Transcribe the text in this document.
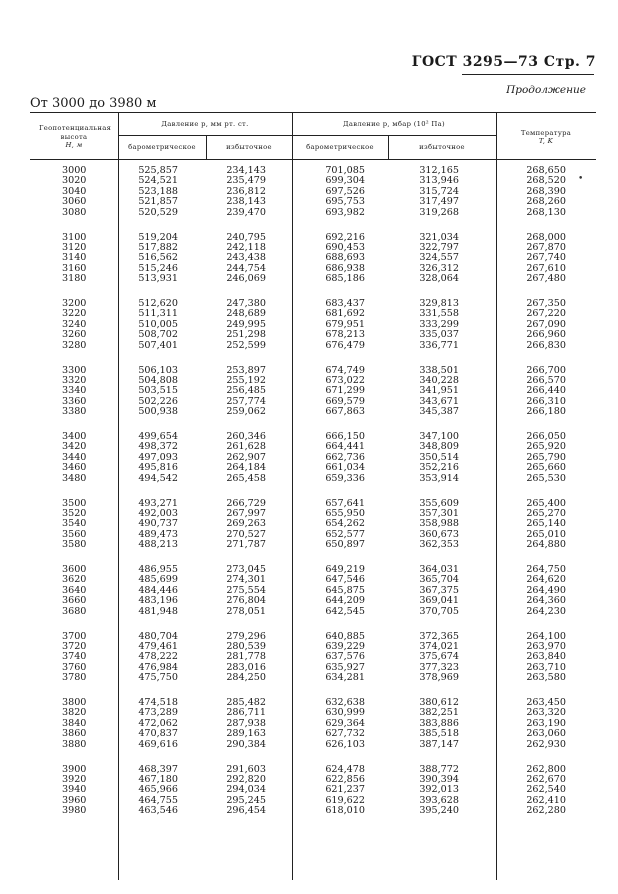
ГОСТ 3295—73 Стр. 7
Продолжение
От 3000 до 3980 м
Геопотенциальная высота
H, м
Давление p, мм рт. ст.	Давление p, мбар (10² Па)
барометрическое	избыточное	барометрическое	избыточное
Температура
T, K
3000	525,857	234,143	701,085	312,165	268,650
3020	524,521	235,479	699,304	313,946	268,520
3040	523,188	236,812	697,526	315,724	268,390
3060	521,857	238,143	695,753	317,497	268,260
3080	520,529	239,470	693,982	319,268	268,130
3100	519,204	240,795	692,216	321,034	268,000
3120	517,882	242,118	690,453	322,797	267,870
3140	516,562	243,438	688,693	324,557	267,740
3160	515,246	244,754	686,938	326,312	267,610
3180	513,931	246,069	685,186	328,064	267,480
3200	512,620	247,380	683,437	329,813	267,350
3220	511,311	248,689	681,692	331,558	267,220
3240	510,005	249,995	679,951	333,299	267,090
3260	508,702	251,298	678,213	335,037	266,960
3280	507,401	252,599	676,479	336,771	266,830
3300	506,103	253,897	674,749	338,501	266,700
3320	504,808	255,192	673,022	340,228	266,570
3340	503,515	256,485	671,299	341,951	266,440
3360	502,226	257,774	669,579	343,671	266,310
3380	500,938	259,062	667,863	345,387	266,180
3400	499,654	260,346	666,150	347,100	266,050
3420	498,372	261,628	664,441	348,809	265,920
3440	497,093	262,907	662,736	350,514	265,790
3460	495,816	264,184	661,034	352,216	265,660
3480	494,542	265,458	659,336	353,914	265,530
3500	493,271	266,729	657,641	355,609	265,400
3520	492,003	267,997	655,950	357,301	265,270
3540	490,737	269,263	654,262	358,988	265,140
3560	489,473	270,527	652,577	360,673	265,010
3580	488,213	271,787	650,897	362,353	264,880
3600	486,955	273,045	649,219	364,031	264,750
3620	485,699	274,301	647,546	365,704	264,620
3640	484,446	275,554	645,875	367,375	264,490
3660	483,196	276,804	644,209	369,041	264,360
3680	481,948	278,051	642,545	370,705	264,230
3700	480,704	279,296	640,885	372,365	264,100
3720	479,461	280,539	639,229	374,021	263,970
3740	478,222	281,778	637,576	375,674	263,840
3760	476,984	283,016	635,927	377,323	263,710
3780	475,750	284,250	634,281	378,969	263,580
3800	474,518	285,482	632,638	380,612	263,450
3820	473,289	286,711	630,999	382,251	263,320
3840	472,062	287,938	629,364	383,886	263,190
3860	470,837	289,163	627,732	385,518	263,060
3880	469,616	290,384	626,103	387,147	262,930
3900	468,397	291,603	624,478	388,772	262,800
3920	467,180	292,820	622,856	390,394	262,670
3940	465,966	294,034	621,237	392,013	262,540
3960	464,755	295,245	619,622	393,628	262,410
3980	463,546	296,454	618,010	395,240	262,280
•
